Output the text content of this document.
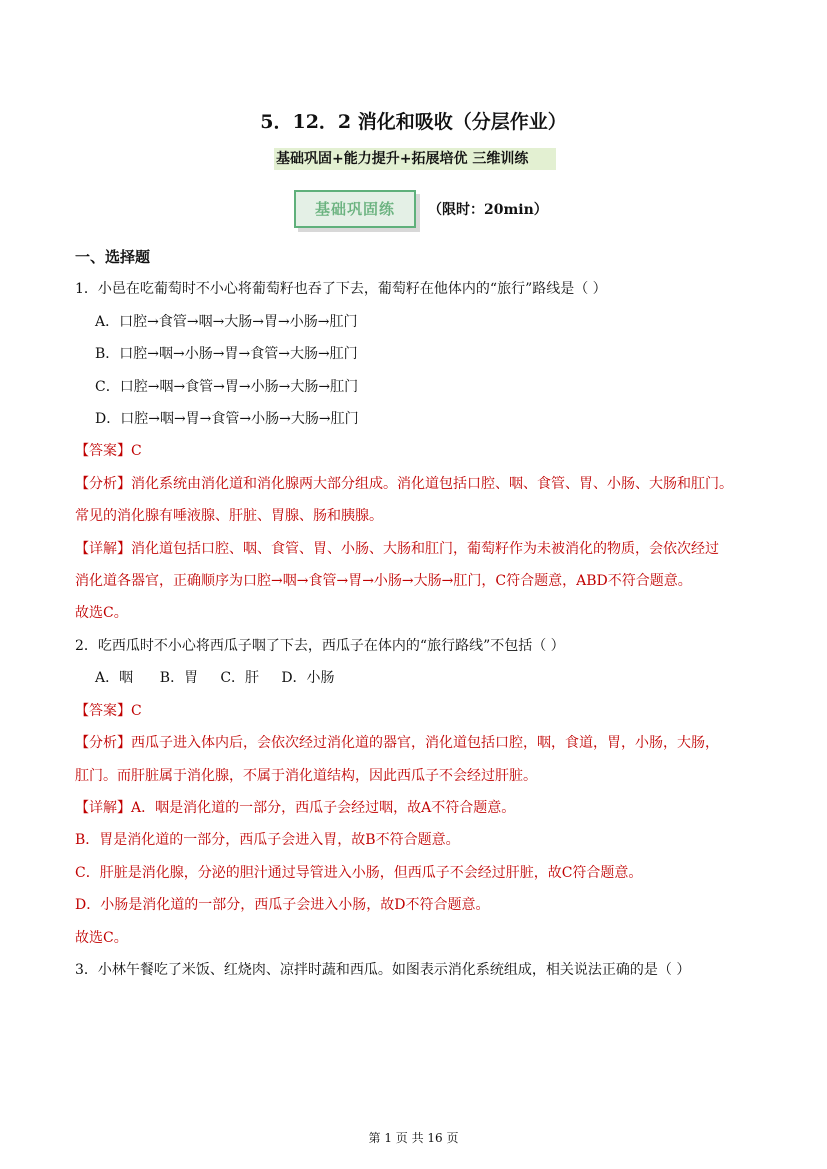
5．12．2 消化和吸收（分层作业）
基础巩固+能力提升+拓展培优 三维训练
基础巩固练	（限时：20min）
一、选择题
1．小邑在吃葡萄时不小心将葡萄籽也吞了下去，葡萄籽在他体内的“旅行”路线是（ ）
A．口腔→食管→咽→大肠→胃→小肠→肛门
B．口腔→咽→小肠→胃→食管→大肠→肛门
C．口腔→咽→食管→胃→小肠→大肠→肛门
D．口腔→咽→胃→食管→小肠→大肠→肛门
【答案】C
【分析】消化系统由消化道和消化腺两大部分组成。消化道包括口腔、咽、食管、胃、小肠、大肠和肛门。
常见的消化腺有唾液腺、肝脏、胃腺、肠和胰腺。
【详解】消化道包括口腔、咽、食管、胃、小肠、大肠和肛门，葡萄籽作为未被消化的物质，会依次经过
消化道各器官，正确顺序为口腔→咽→食管→胃→小肠→大肠→肛门，C符合题意，ABD不符合题意。
故选C。
2．吃西瓜时不小心将西瓜子咽了下去，西瓜子在体内的“旅行路线”不包括（ ）
A．咽      B．胃     C．肝     D．小肠
【答案】C
【分析】西瓜子进入体内后，会依次经过消化道的器官，消化道包括口腔，咽，食道，胃，小肠，大肠，
肛门。而肝脏属于消化腺，不属于消化道结构，因此西瓜子不会经过肝脏。
【详解】A．咽是消化道的一部分，西瓜子会经过咽，故A不符合题意。
B．胃是消化道的一部分，西瓜子会进入胃，故B不符合题意。
C．肝脏是消化腺，分泌的胆汁通过导管进入小肠，但西瓜子不会经过肝脏，故C符合题意。
D．小肠是消化道的一部分，西瓜子会进入小肠，故D不符合题意。
故选C。
3．小林午餐吃了米饭、红烧肉、凉拌时蔬和西瓜。如图表示消化系统组成，相关说法正确的是（ ）
第 1 页 共 16 页
